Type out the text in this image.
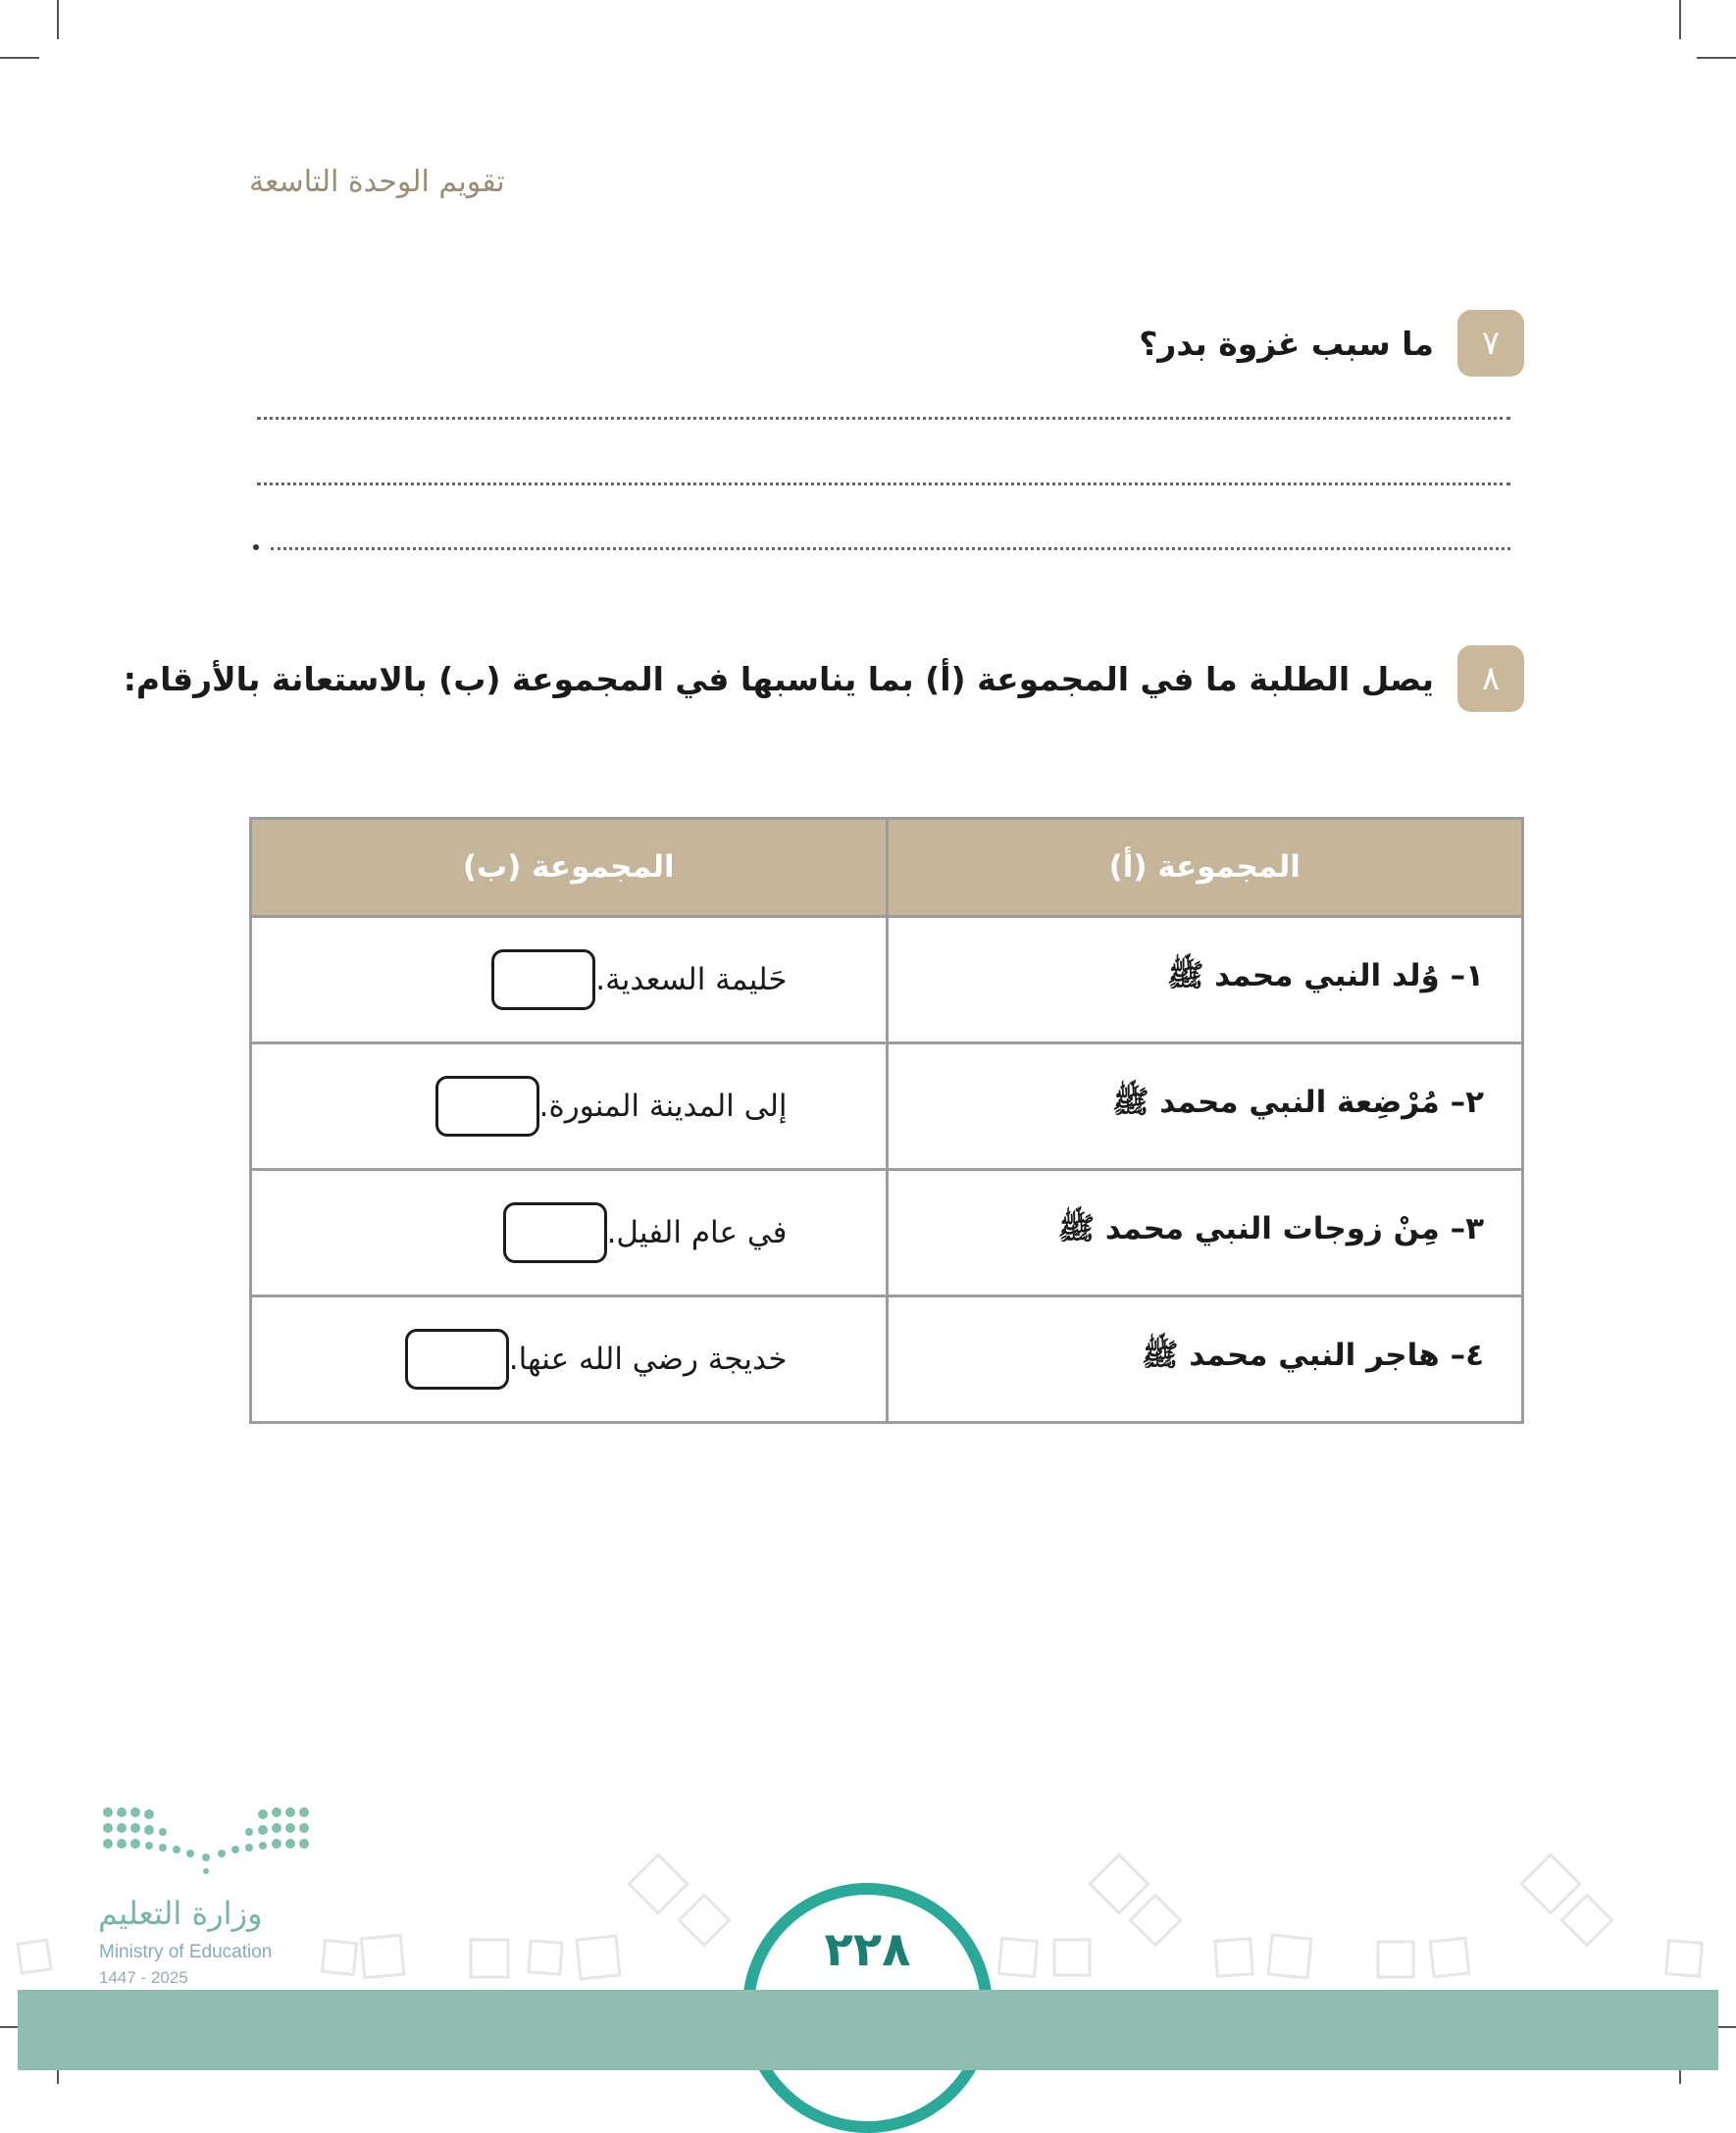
تقويم الوحدة التاسعة
٧
ما سبب غزوة بدر؟
٨
يصل الطلبة ما في المجموعة (أ) بما يناسبها في المجموعة (ب) بالاستعانة بالأرقام:
المجموعة (أ)	المجموعة (ب)
١– وُلد النبي محمد ﷺ	حَليمة السعدية.

٢– مُرْضِعة النبي محمد ﷺ	إلى المدينة المنورة.

٣– مِنْ زوجات النبي محمد ﷺ	في عام الفيل.

٤– هاجر النبي محمد ﷺ	خديجة رضي الله عنها.
٢٢٨
وزارة التعليم
Ministry of Education
2025 - 1447
